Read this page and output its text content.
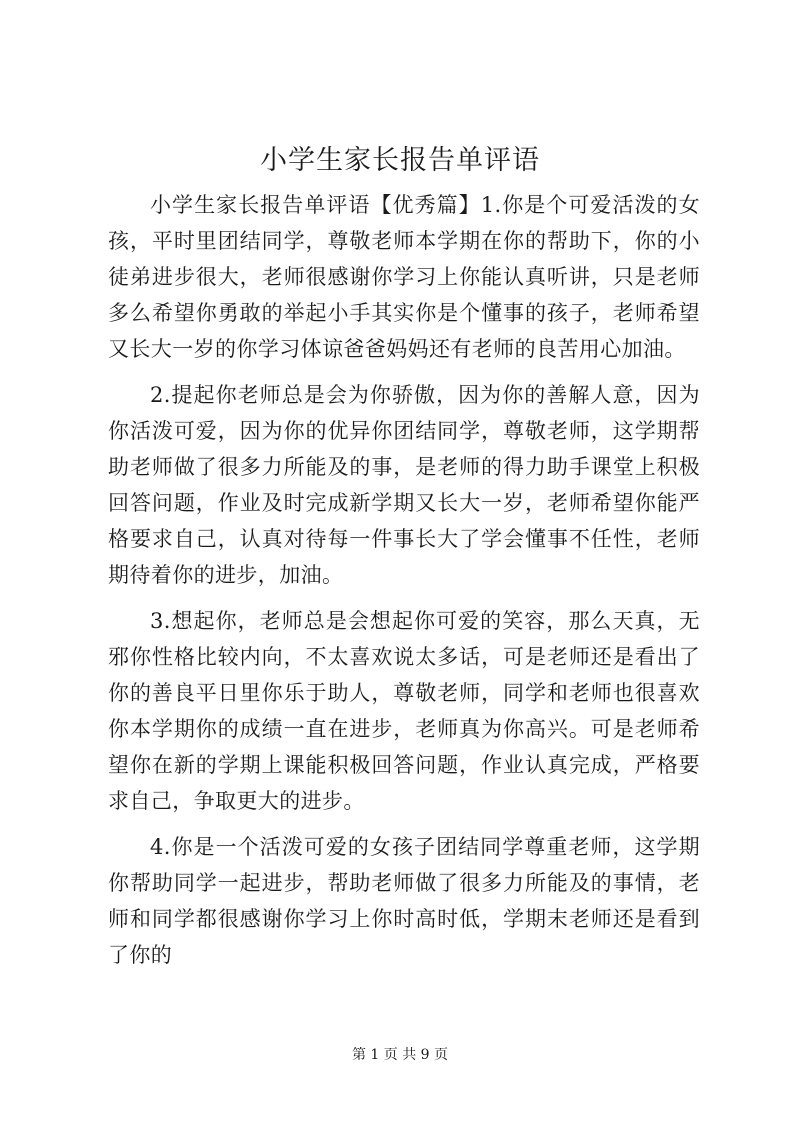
小学生家长报告单评语

小学生家长报告单评语【优秀篇】1.你是个可爱活泼的女孩，平时里团结同学，尊敬老师本学期在你的帮助下，你的小徒弟进步很大，老师很感谢你学习上你能认真听讲，只是老师多么希望你勇敢的举起小手其实你是个懂事的孩子，老师希望又长大一岁的你学习体谅爸爸妈妈还有老师的良苦用心加油。

2.提起你老师总是会为你骄傲，因为你的善解人意，因为你活泼可爱，因为你的优异你团结同学，尊敬老师，这学期帮助老师做了很多力所能及的事，是老师的得力助手课堂上积极回答问题，作业及时完成新学期又长大一岁，老师希望你能严格要求自己，认真对待每一件事长大了学会懂事不任性，老师期待着你的进步，加油。

3.想起你，老师总是会想起你可爱的笑容，那么天真，无邪你性格比较内向，不太喜欢说太多话，可是老师还是看出了你的善良平日里你乐于助人，尊敬老师，同学和老师也很喜欢你本学期你的成绩一直在进步，老师真为你高兴。可是老师希望你在新的学期上课能积极回答问题，作业认真完成，严格要求自己，争取更大的进步。

4.你是一个活泼可爱的女孩子团结同学尊重老师，这学期你帮助同学一起进步，帮助老师做了很多力所能及的事情，老师和同学都很感谢你学习上你时高时低，学期末老师还是看到了你的

第 1 页 共 9 页
